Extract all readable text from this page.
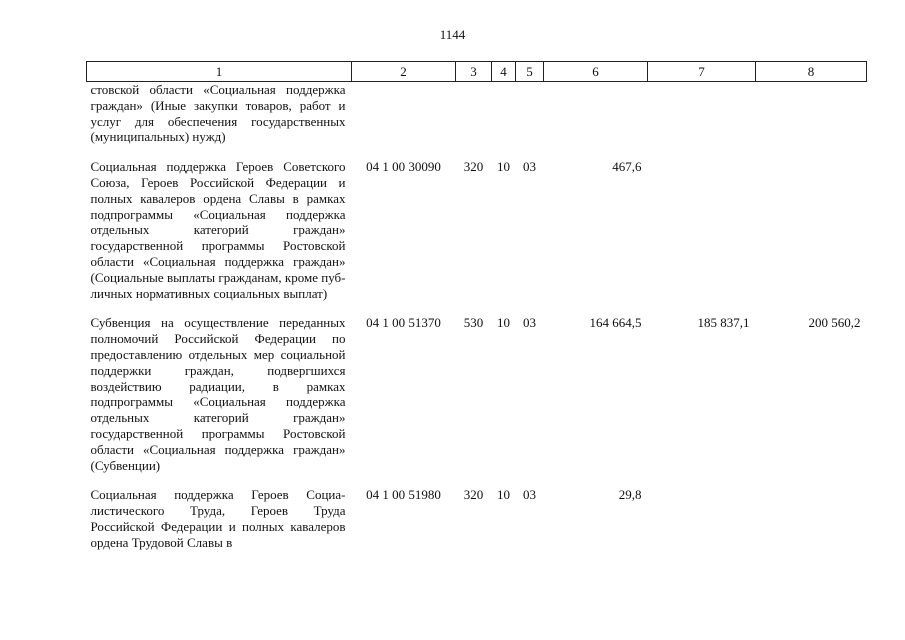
1144
1	2	3	4	5	6	7	8
стовской области «Социальная поддержка граждан» (Иные закупки товаров, работ и услуг для обеспечения государственных (муниципальных) нужд)							
Социальная поддержка Героев Советского Союза, Героев Российской Федерации и полных кавалеров ордена Славы в рамках подпрограммы «Социальная поддержка отдельных категорий граждан» государственной программы Ростовской области «Социальная поддержка граждан» (Социальные выплаты гражданам, кроме публичных нормативных социальных выплат)	04 1 00 30090	320	10	03	467,6		
Субвенция на осуществление переданных полномочий Российской Федерации по предоставлению отдельных мер социальной поддержки граждан, подвергшихся воздействию радиации, в рамках подпрограммы «Социальная поддержка отдельных категорий граждан» государственной программы Ростовской области «Социальная поддержка граждан» (Субвенции)	04 1 00 51370	530	10	03	164 664,5	185 837,1	200 560,2
Социальная поддержка Героев Социалистического Труда, Героев Труда Российской Федерации и полных кавалеров ордена Трудовой Славы в	04 1 00 51980	320	10	03	29,8		
